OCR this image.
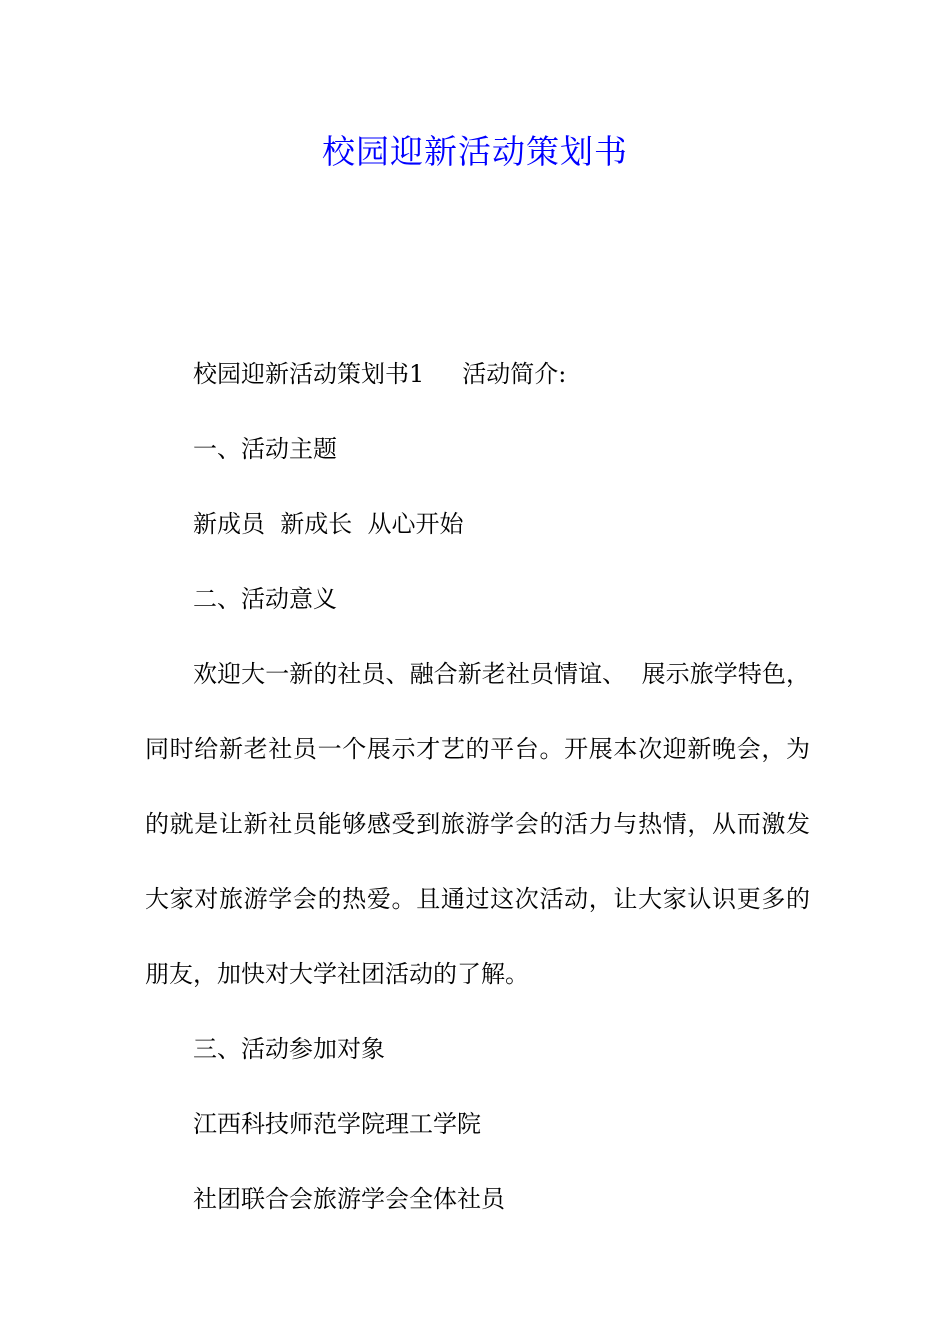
校园迎新活动策划书

校园迎新活动策划书1 活动简介:

一、活动主题

新成员  新成长  从心开始

二、活动意义

欢迎大一新的社员、融合新老社员情谊、  展示旅学特色，同时给新老社员一个展示才艺的平台。开展本次迎新晚会，为的就是让新社员能够感受到旅游学会的活力与热情，从而激发大家对旅游学会的热爱。且通过这次活动，让大家认识更多的朋友，加快对大学社团活动的了解。

三、活动参加对象

江西科技师范学院理工学院

社团联合会旅游学会全体社员
